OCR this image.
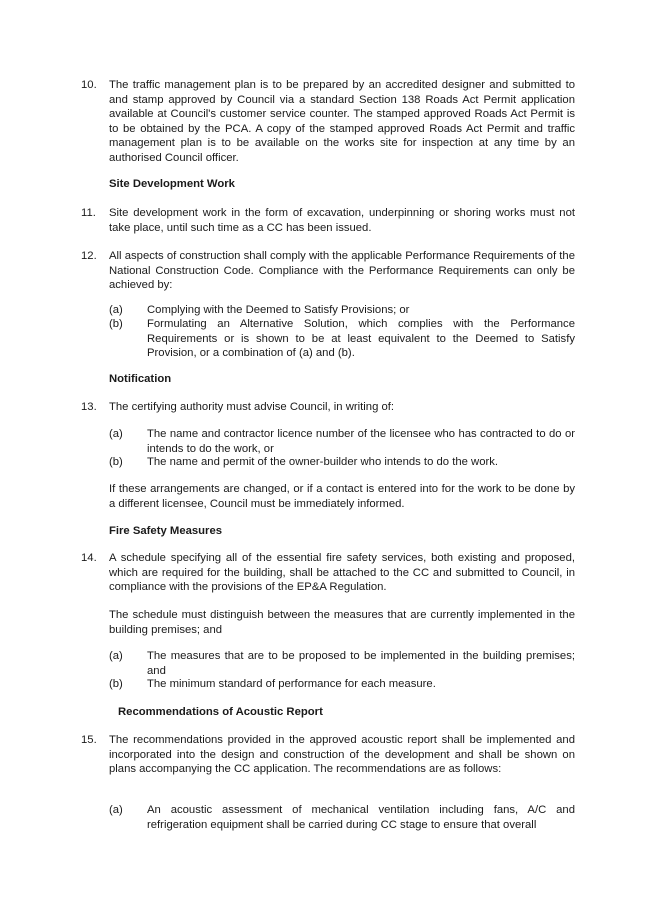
10.	The traffic management plan is to be prepared by an accredited designer and submitted to and stamp approved by Council via a standard Section 138 Roads Act Permit application available at Council's customer service counter. The stamped approved Roads Act Permit is to be obtained by the PCA. A copy of the stamped approved Roads Act Permit and traffic management plan is to be available on the works site for inspection at any time by an authorised Council officer.
Site Development Work
11.	Site development work in the form of excavation, underpinning or shoring works must not take place, until such time as a CC has been issued.
12.	All aspects of construction shall comply with the applicable Performance Requirements of the National Construction Code. Compliance with the Performance Requirements can only be achieved by:
(a)	Complying with the Deemed to Satisfy Provisions; or
(b)	Formulating an Alternative Solution, which complies with the Performance Requirements or is shown to be at least equivalent to the Deemed to Satisfy Provision, or a combination of (a) and (b).
Notification
13.	The certifying authority must advise Council, in writing of:
(a)	The name and contractor licence number of the licensee who has contracted to do or intends to do the work, or
(b)	The name and permit of the owner-builder who intends to do the work.
If these arrangements are changed, or if a contact is entered into for the work to be done by a different licensee, Council must be immediately informed.
Fire Safety Measures
14.	A schedule specifying all of the essential fire safety services, both existing and proposed, which are required for the building, shall be attached to the CC and submitted to Council, in compliance with the provisions of the EP&A Regulation.
The schedule must distinguish between the measures that are currently implemented in the building premises; and
(a)	The measures that are to be proposed to be implemented in the building premises; and
(b)	The minimum standard of performance for each measure.
Recommendations of Acoustic Report
15.	The recommendations provided in the approved acoustic report shall be implemented and incorporated into the design and construction of the development and shall be shown on plans accompanying the CC application. The recommendations are as follows:
(a)	An acoustic assessment of mechanical ventilation including fans, A/C and refrigeration equipment shall be carried during CC stage to ensure that overall
